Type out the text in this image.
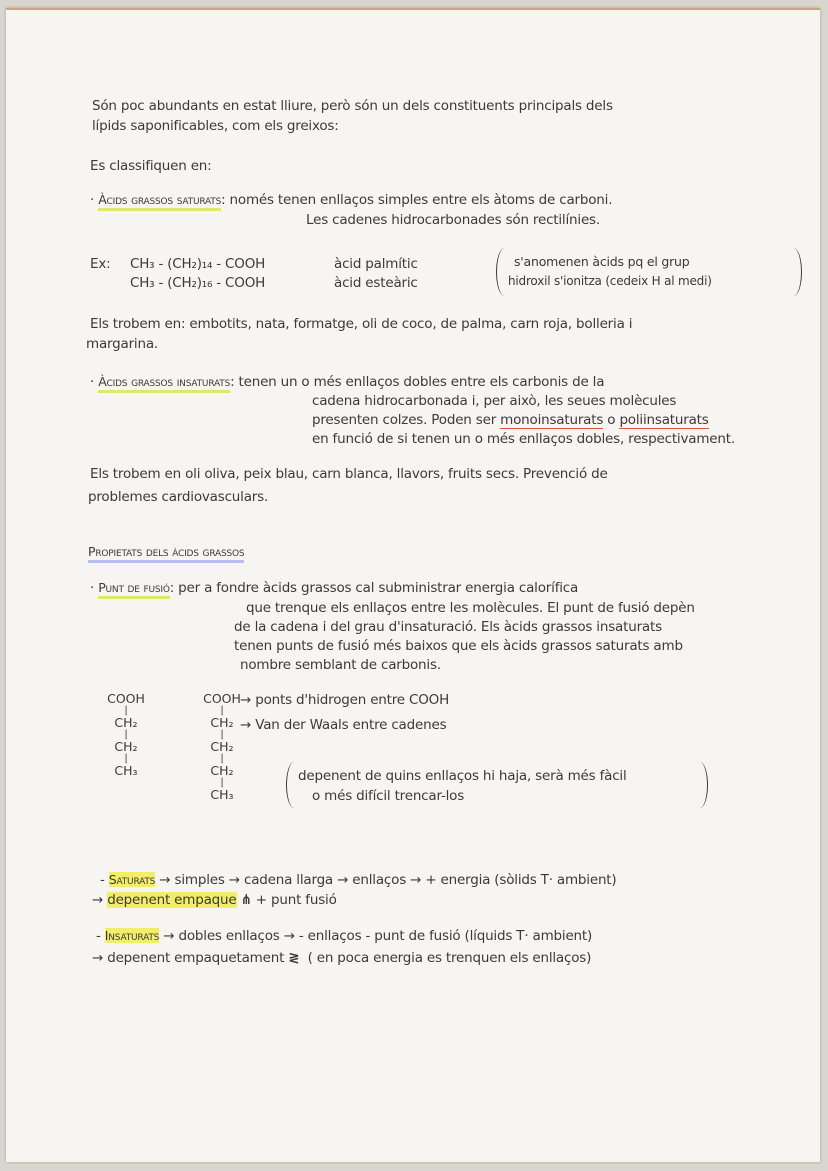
Són poc abundants en estat lliure, però són un dels constituents principals dels
lípids saponificables, com els greixos:
Es classifiquen en:
· Àcids grassos saturats: només tenen enllaços simples entre els àtoms de carboni.
Les cadenes hidrocarbonades són rectilínies.
Ex: CH₃ - (CH₂)₁₄ - COOH	àcid palmític
CH₃ - (CH₂)₁₆ - COOH	àcid esteàric
s'anomenen àcids pq el grup
hidroxil s'ionitza (cedeix H al medi)
Els trobem en: embotits, nata, formatge, oli de coco, de palma, carn roja, bolleria i
margarina.
· Àcids grassos insaturats: tenen un o més enllaços dobles entre els carbonis de la
cadena hidrocarbonada i, per això, les seues molècules
presenten colzes. Poden ser monoinsaturats o poliinsaturats
en funció de si tenen un o més enllaços dobles, respectivament.
Els trobem en oli oliva, peix blau, carn blanca, llavors, fruits secs. Prevenció de
problemes cardiovasculars.
Propietats dels àcids grassos
· Punt de fusió: per a fondre àcids grassos cal subministrar energia calorífica
que trenque els enllaços entre les molècules. El punt de fusió depèn
de la cadena i del grau d'insaturació. Els àcids grassos insaturats
tenen punts de fusió més baixos que els àcids grassos saturats amb
nombre semblant de carbonis.
COOH
|
CH₂
|
CH₂
|
CH₃
COOH
|
CH₂
|
CH₂
|
CH₂
|
CH₃
→ ponts d'hidrogen entre COOH
→ Van der Waals entre cadenes
depenent de quins enllaços hi haja, serà més fàcil
o més difícil trencar-los
- Saturats → simples → cadena llarga → enllaços → + energia (sòlids T· ambient)
→ depenent empaque ⋔ + punt fusió
- Insaturats → dobles enllaços → - enllaços - punt de fusió (líquids T· ambient)
→ depenent empaquetament ≷ ( en poca energia es trenquen els enllaços)
